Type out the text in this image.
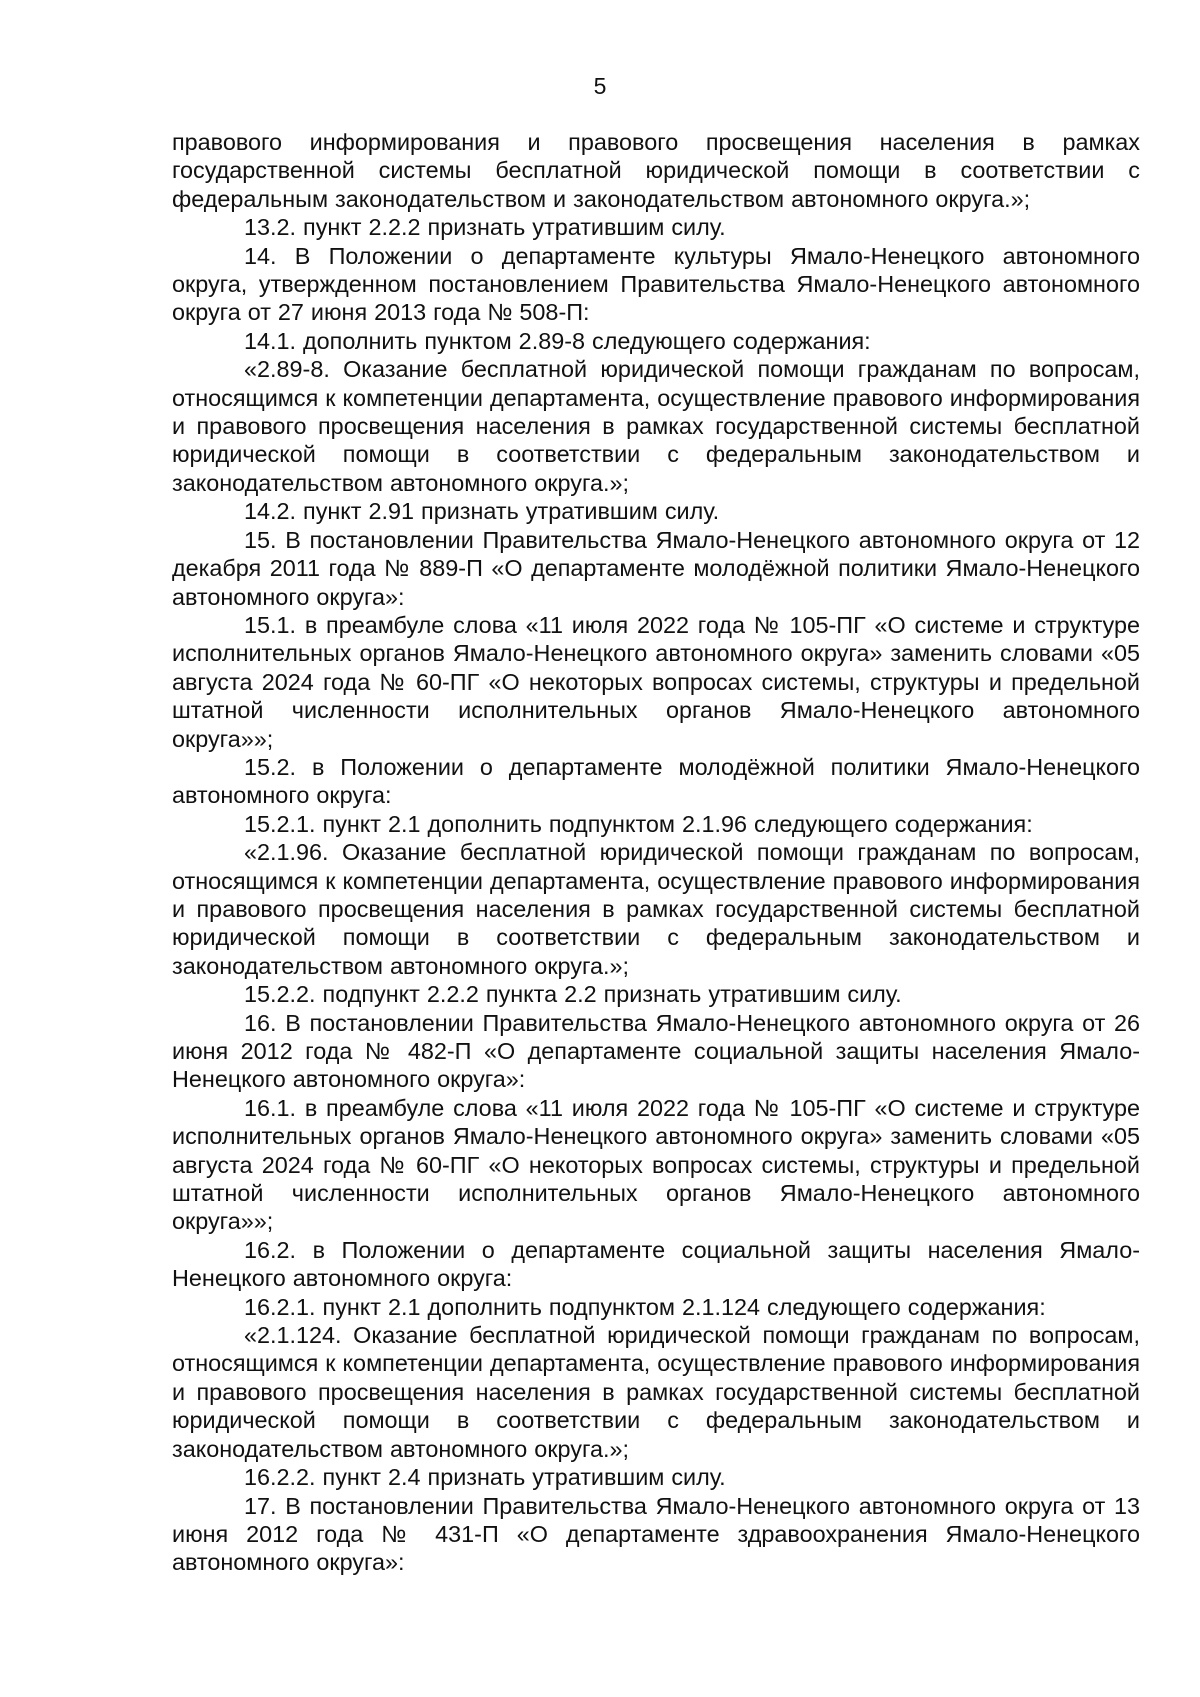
5

правового информирования и правового просвещения населения в рамках государственной системы бесплатной юридической помощи в соответствии с федеральным законодательством и законодательством автономного округа.»;

13.2. пункт 2.2.2 признать утратившим силу.

14. В Положении о департаменте культуры Ямало-Ненецкого автономного округа, утвержденном постановлением Правительства Ямало-Ненецкого автономного округа от 27 июня 2013 года № 508-П:

14.1. дополнить пунктом 2.89-8 следующего содержания:

«2.89-8. Оказание бесплатной юридической помощи гражданам по вопросам, относящимся к компетенции департамента, осуществление правового информирования и правового просвещения населения в рамках государственной системы бесплатной юридической помощи в соответствии с федеральным законодательством и законодательством автономного округа.»;

14.2. пункт 2.91 признать утратившим силу.

15. В постановлении Правительства Ямало-Ненецкого автономного округа от 12 декабря 2011 года № 889-П «О департаменте молодёжной политики Ямало-Ненецкого автономного округа»:

15.1. в преамбуле слова «11 июля 2022 года № 105-ПГ «О системе и структуре исполнительных органов Ямало-Ненецкого автономного округа» заменить словами «05 августа 2024 года № 60-ПГ «О некоторых вопросах системы, структуры и предельной штатной численности исполнительных органов Ямало-Ненецкого автономного округа»»;

15.2. в Положении о департаменте молодёжной политики Ямало-Ненецкого автономного округа:

15.2.1. пункт 2.1 дополнить подпунктом 2.1.96 следующего содержания:

«2.1.96. Оказание бесплатной юридической помощи гражданам по вопросам, относящимся к компетенции департамента, осуществление правового информирования и правового просвещения населения в рамках государственной системы бесплатной юридической помощи в соответствии с федеральным законодательством и законодательством автономного округа.»;

15.2.2. подпункт 2.2.2 пункта 2.2 признать утратившим силу.

16. В постановлении Правительства Ямало-Ненецкого автономного округа от 26 июня 2012 года № 482-П «О департаменте социальной защиты населения Ямало-Ненецкого автономного округа»:

16.1. в преамбуле слова «11 июля 2022 года № 105-ПГ «О системе и структуре исполнительных органов Ямало-Ненецкого автономного округа» заменить словами «05 августа 2024 года № 60-ПГ «О некоторых вопросах системы, структуры и предельной штатной численности исполнительных органов Ямало-Ненецкого автономного округа»»;

16.2. в Положении о департаменте социальной защиты населения Ямало-Ненецкого автономного округа:

16.2.1. пункт 2.1 дополнить подпунктом 2.1.124 следующего содержания:

«2.1.124. Оказание бесплатной юридической помощи гражданам по вопросам, относящимся к компетенции департамента, осуществление правового информирования и правового просвещения населения в рамках государственной системы бесплатной юридической помощи в соответствии с федеральным законодательством и законодательством автономного округа.»;

16.2.2. пункт 2.4 признать утратившим силу.

17. В постановлении Правительства Ямало-Ненецкого автономного округа от 13 июня 2012 года № 431-П «О департаменте здравоохранения Ямало-Ненецкого автономного округа»:
